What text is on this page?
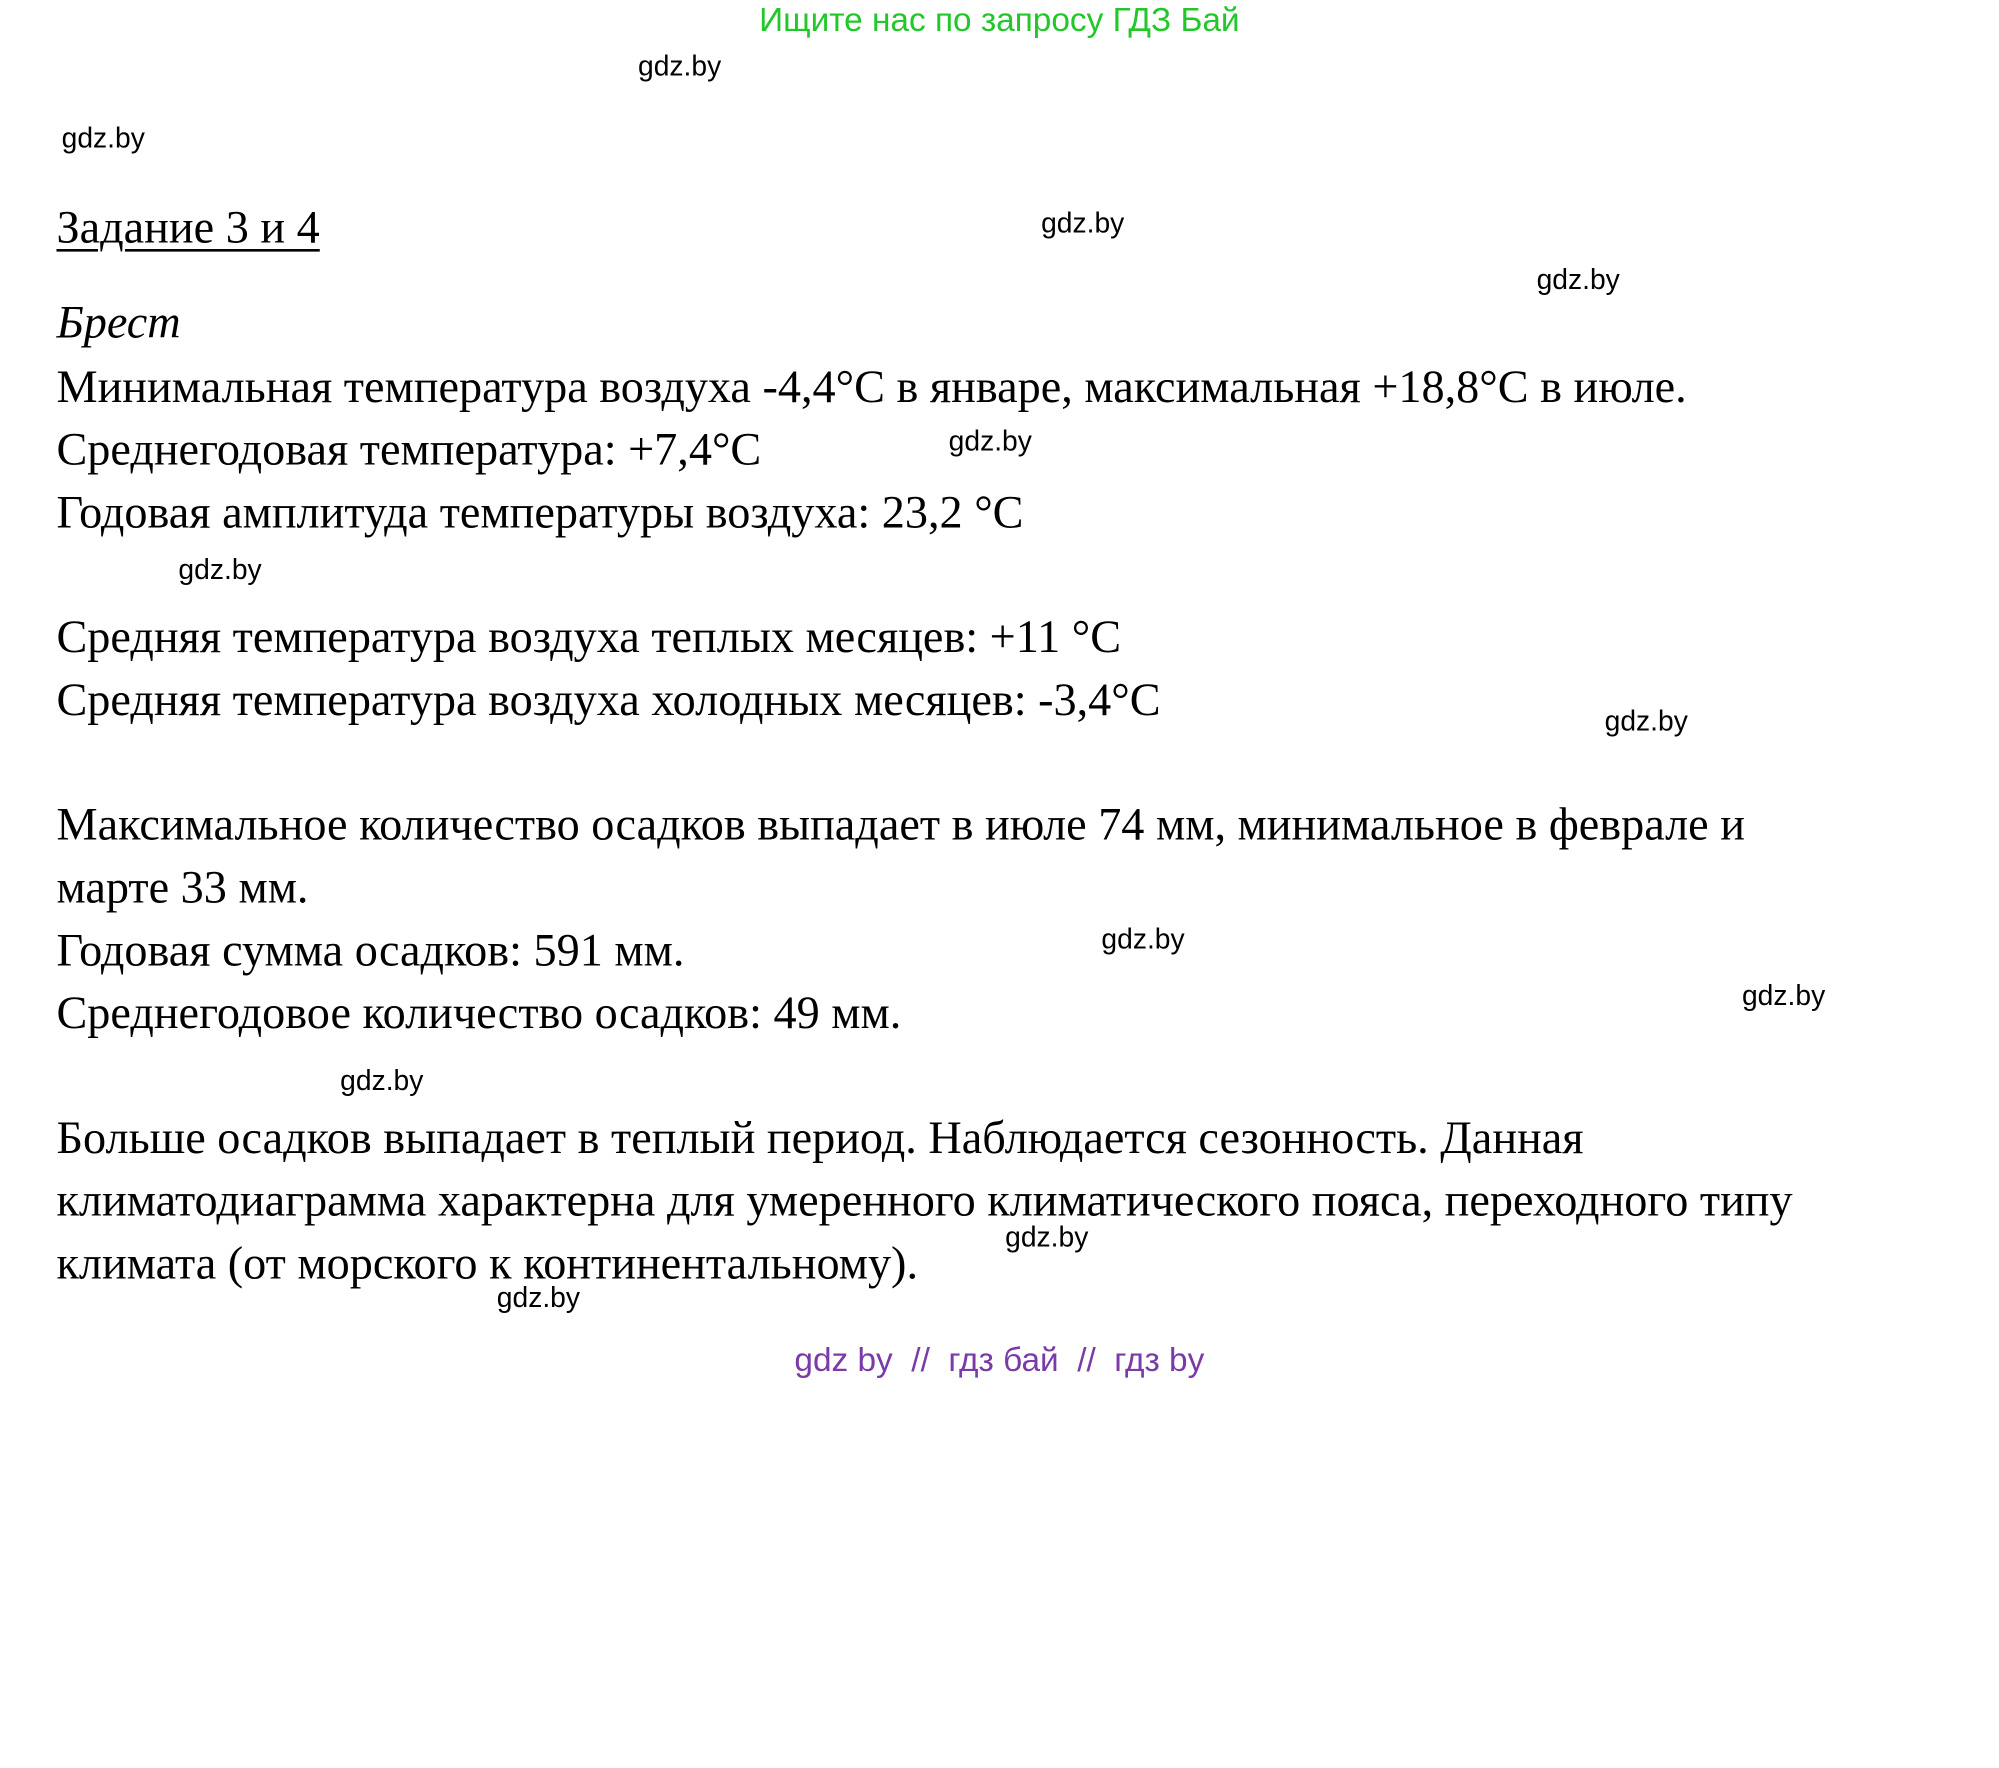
Ищите нас по запросу ГДЗ Бай
gdz.by
gdz.by
gdz.by
gdz.by
gdz.by
gdz.by
gdz.by
gdz.by
gdz.by
gdz.by
gdz.by
gdz.by
Задание 3 и 4
Брест
Минимальная температура воздуха -4,4°С в январе, максимальная +18,8°С в июле.
Среднегодовая температура: +7,4°С
Годовая амплитуда температуры воздуха: 23,2 °С
Средняя температура воздуха теплых месяцев: +11 °С
Средняя температура воздуха холодных месяцев: -3,4°С
Максимальное количество осадков выпадает в июле 74 мм, минимальное в феврале и
марте 33 мм.
Годовая сумма осадков: 591 мм.
Среднегодовое количество осадков: 49 мм.
Больше осадков выпадает в теплый период. Наблюдается сезонность. Данная
климатодиаграмма характерна для умеренного климатического пояса, переходного типу
климата (от морского к континентальному).
gdz by  //  гдз бай  //  гдз by
